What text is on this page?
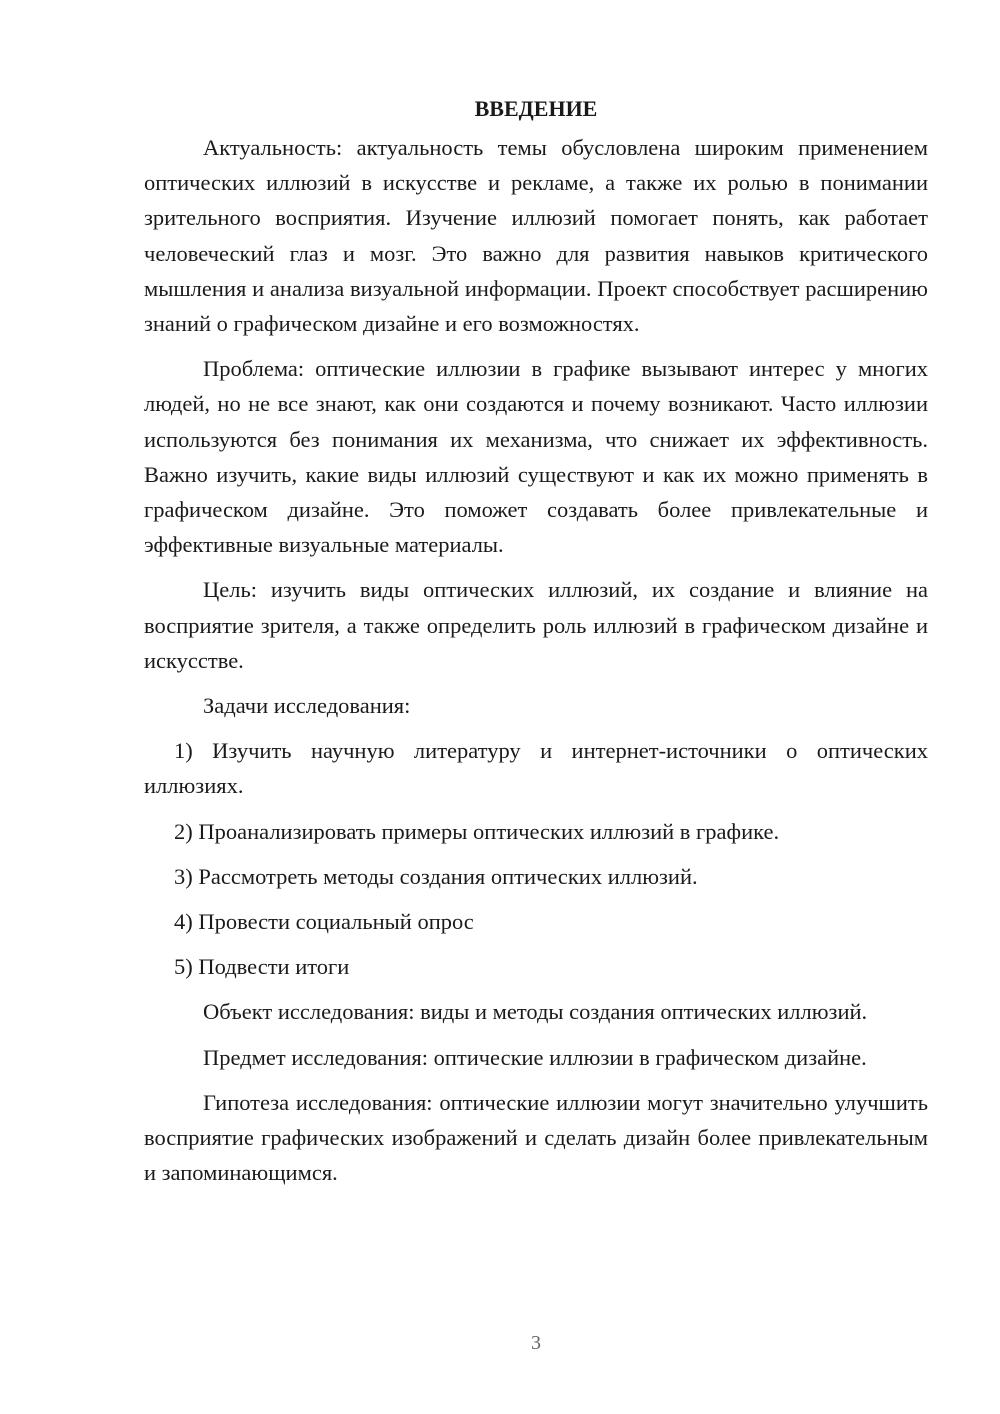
ВВЕДЕНИЕ

Актуальность: актуальность темы обусловлена широким применением оптических иллюзий в искусстве и рекламе, а также их ролью в понимании зрительного восприятия. Изучение иллюзий помогает понять, как работает человеческий глаз и мозг. Это важно для развития навыков критического мышления и анализа визуальной информации. Проект способствует расширению знаний о графическом дизайне и его возможностях.

Проблема: оптические иллюзии в графике вызывают интерес у многих людей, но не все знают, как они создаются и почему возникают. Часто иллюзии используются без понимания их механизма, что снижает их эффективность. Важно изучить, какие виды иллюзий существуют и как их можно применять в графическом дизайне. Это поможет создавать более привлекательные и эффективные визуальные материалы.

Цель: изучить виды оптических иллюзий, их создание и влияние на восприятие зрителя, а также определить роль иллюзий в графическом дизайне и искусстве.

Задачи исследования:

1) Изучить научную литературу и интернет-источники о оптических иллюзиях.

2) Проанализировать примеры оптических иллюзий в графике.

3) Рассмотреть методы создания оптических иллюзий.

4) Провести социальный опрос

5) Подвести итоги

Объект исследования: виды и методы создания оптических иллюзий.

Предмет исследования: оптические иллюзии в графическом дизайне.

Гипотеза исследования: оптические иллюзии могут значительно улучшить восприятие графических изображений и сделать дизайн более привлекательным и запоминающимся.

3
